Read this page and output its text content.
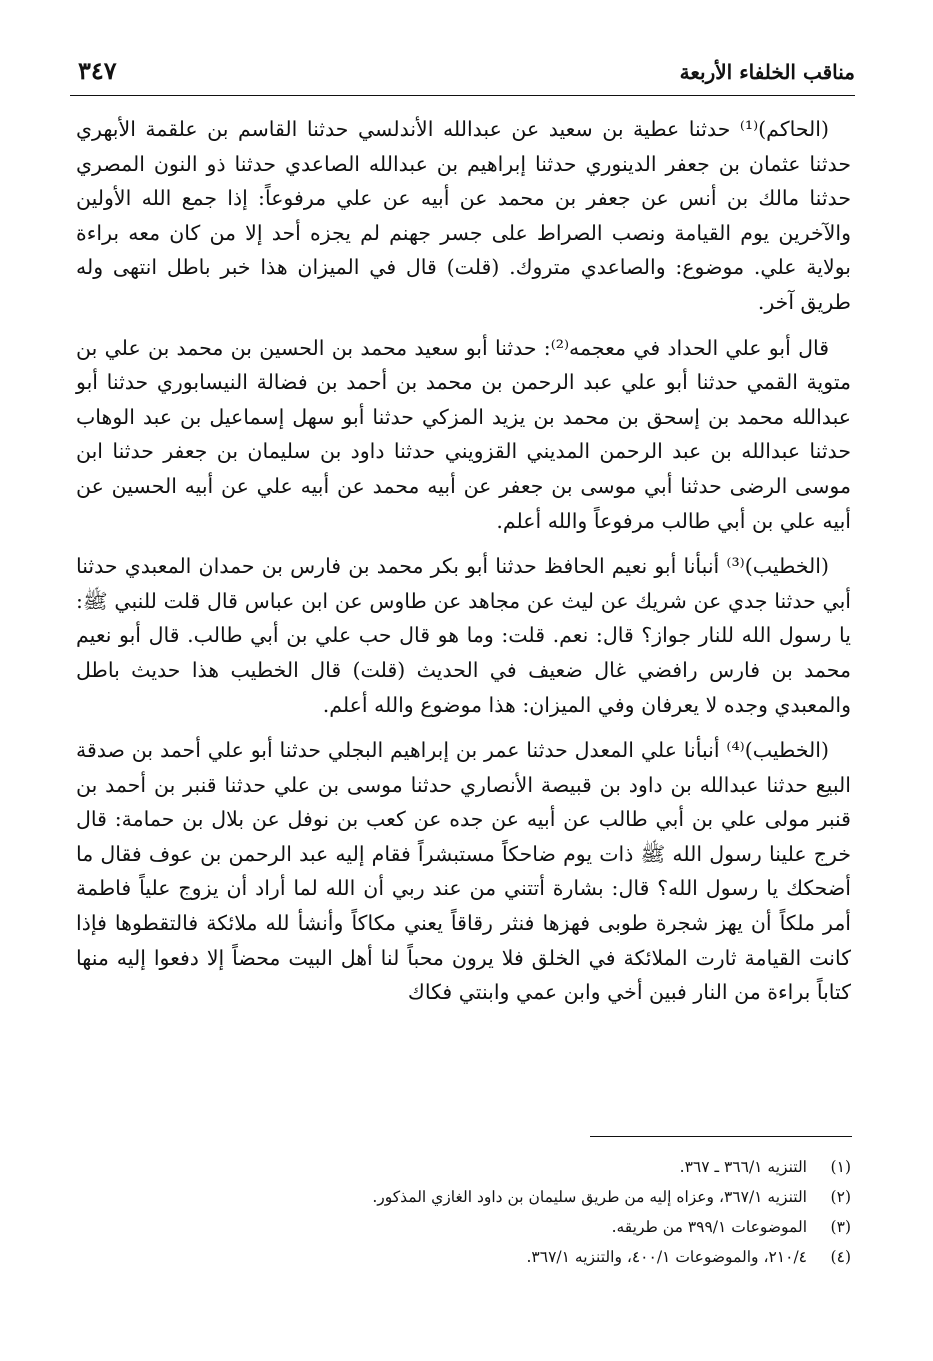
مناقب الخلفاء الأربعة
٣٤٧

(الحاكم)⁽¹⁾ حدثنا عطية بن سعيد عن عبدالله الأندلسي حدثنا القاسم بن علقمة الأبهري حدثنا عثمان بن جعفر الدينوري حدثنا إبراهيم بن عبدالله الصاعدي حدثنا ذو النون المصري حدثنا مالك بن أنس عن جعفر بن محمد عن أبيه عن علي مرفوعاً: إذا جمع الله الأولين والآخرين يوم القيامة ونصب الصراط على جسر جهنم لم يجزه أحد إلا من كان معه براءة بولاية علي. موضوع: والصاعدي متروك. (قلت) قال في الميزان هذا خبر باطل انتهى وله طريق آخر.

قال أبو علي الحداد في معجمه⁽²⁾: حدثنا أبو سعيد محمد بن الحسين بن محمد بن علي بن متوية القمي حدثنا أبو علي عبد الرحمن بن محمد بن أحمد بن فضالة النيسابوري حدثنا أبو عبدالله محمد بن إسحق بن محمد بن يزيد المزكي حدثنا أبو سهل إسماعيل بن عبد الوهاب حدثنا عبدالله بن عبد الرحمن المديني القزويني حدثنا داود بن سليمان بن جعفر حدثنا ابن موسى الرضى حدثنا أبي موسى بن جعفر عن أبيه محمد عن أبيه علي عن أبيه الحسين عن أبيه علي بن أبي طالب مرفوعاً والله أعلم.

(الخطيب)⁽³⁾ أنبأنا أبو نعيم الحافظ حدثنا أبو بكر محمد بن فارس بن حمدان المعبدي حدثنا أبي حدثنا جدي عن شريك عن ليث عن مجاهد عن طاوس عن ابن عباس قال قلت للنبي ﷺ: يا رسول الله للنار جواز؟ قال: نعم. قلت: وما هو قال حب علي بن أبي طالب. قال أبو نعيم محمد بن فارس رافضي غال ضعيف في الحديث (قلت) قال الخطيب هذا حديث باطل والمعبدي وجده لا يعرفان وفي الميزان: هذا موضوع والله أعلم.

(الخطيب)⁽⁴⁾ أنبأنا علي المعدل حدثنا عمر بن إبراهيم البجلي حدثنا أبو علي أحمد بن صدقة البيع حدثنا عبدالله بن داود بن قبيصة الأنصاري حدثنا موسى بن علي حدثنا قنبر بن أحمد بن قنبر مولى علي بن أبي طالب عن أبيه عن جده عن كعب بن نوفل عن بلال بن حمامة: قال خرج علينا رسول الله ﷺ ذات يوم ضاحكاً مستبشراً فقام إليه عبد الرحمن بن عوف فقال ما أضحكك يا رسول الله؟ قال: بشارة أتتني من عند ربي أن الله لما أراد أن يزوج علياً فاطمة أمر ملكاً أن يهز شجرة طوبى فهزها فنثر رقاقاً يعني مكاكاً وأنشأ لله ملائكة فالتقطوها فإذا كانت القيامة ثارت الملائكة في الخلق فلا يرون محباً لنا أهل البيت محضاً إلا دفعوا إليه منها كتاباً براءة من النار فبين أخي وابن عمي وابنتي فكاك

(١)
التنزيه ٣٦٦/١ ـ ٣٦٧.
(٢)
التنزيه ٣٦٧/١، وعزاه إليه من طريق سليمان بن داود الغازي المذكور.
(٣)
الموضوعات ٣٩٩/١ من طريقه.
(٤)
٢١٠/٤، والموضوعات ٤٠٠/١، والتنزيه ٣٦٧/١.
